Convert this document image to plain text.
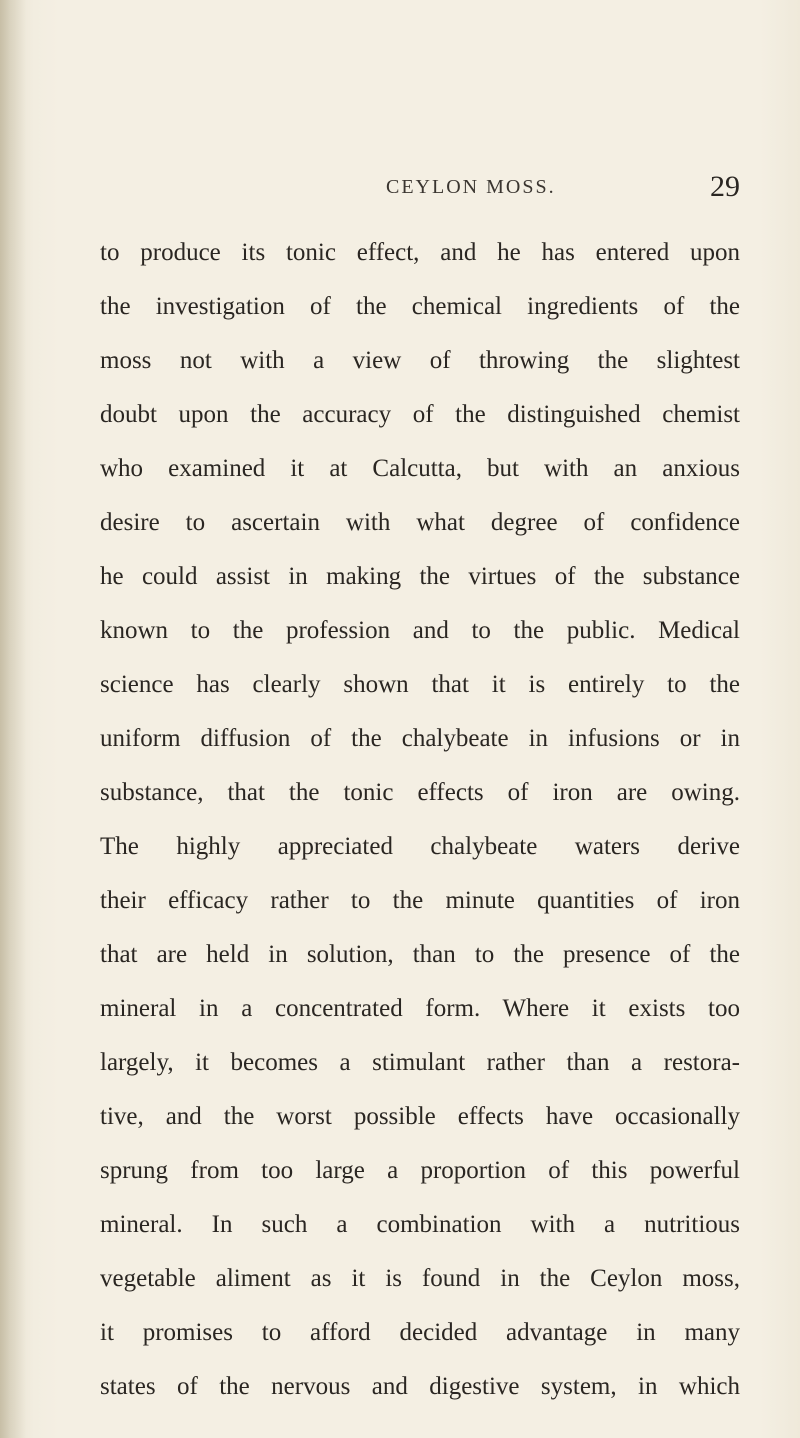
CEYLON MOSS.	29
to produce its tonic effect, and he has entered upon
the investigation of the chemical ingredients of the
moss not with a view of throwing the slightest
doubt upon the accuracy of the distinguished chemist
who examined it at Calcutta, but with an anxious
desire to ascertain with what degree of confidence
he could assist in making the virtues of the substance
known to the profession and to the public. Medical
science has clearly shown that it is entirely to the
uniform diffusion of the chalybeate in infusions or in
substance, that the tonic effects of iron are owing.
The highly appreciated chalybeate waters derive
their efficacy rather to the minute quantities of iron
that are held in solution, than to the presence of the
mineral in a concentrated form. Where it exists too
largely, it becomes a stimulant rather than a restora-
tive, and the worst possible effects have occasionally
sprung from too large a proportion of this powerful
mineral. In such a combination with a nutritious
vegetable aliment as it is found in the Ceylon moss,
it promises to afford decided advantage in many
states of the nervous and digestive system, in which
